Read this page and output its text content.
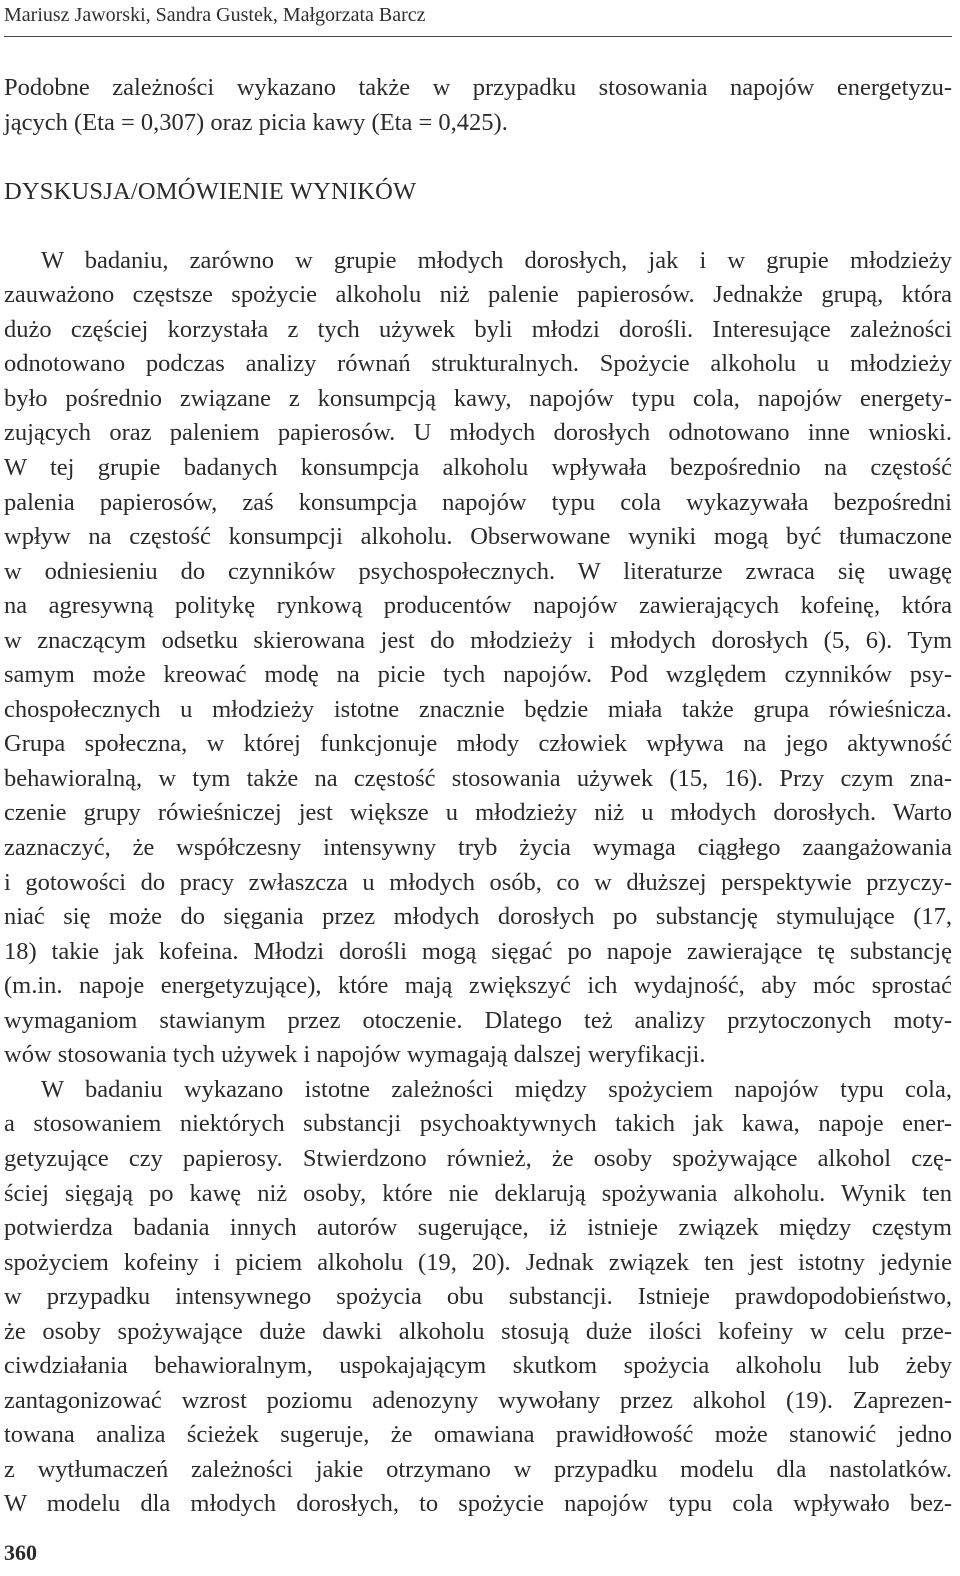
Mariusz Jaworski, Sandra Gustek, Małgorzata Barcz
Podobne zależności wykazano także w przypadku stosowania napojów energetyzu-
jących (Eta = 0,307) oraz picia kawy (Eta = 0,425).
DYSKUSJA/OMÓWIENIE WYNIKÓW
W badaniu, zarówno w grupie młodych dorosłych, jak i w grupie młodzieży
zauważono częstsze spożycie alkoholu niż palenie papierosów. Jednakże grupą, która
dużo częściej korzystała z tych używek byli młodzi dorośli. Interesujące zależności
odnotowano podczas analizy równań strukturalnych. Spożycie alkoholu u młodzieży
było pośrednio związane z konsumpcją kawy, napojów typu cola, napojów energety-
zujących oraz paleniem papierosów. U młodych dorosłych odnotowano inne wnioski.
W tej grupie badanych konsumpcja alkoholu wpływała bezpośrednio na częstość
palenia papierosów, zaś konsumpcja napojów typu cola wykazywała bezpośredni
wpływ na częstość konsumpcji alkoholu. Obserwowane wyniki mogą być tłumaczone
w odniesieniu do czynników psychospołecznych. W literaturze zwraca się uwagę
na agresywną politykę rynkową producentów napojów zawierających kofeinę, która
w znaczącym odsetku skierowana jest do młodzieży i młodych dorosłych (5, 6). Tym
samym może kreować modę na picie tych napojów. Pod względem czynników psy-
chospołecznych u młodzieży istotne znacznie będzie miała także grupa rówieśnicza.
Grupa społeczna, w której funkcjonuje młody człowiek wpływa na jego aktywność
behawioralną, w tym także na częstość stosowania używek (15, 16). Przy czym zna-
czenie grupy rówieśniczej jest większe u młodzieży niż u młodych dorosłych. Warto
zaznaczyć, że współczesny intensywny tryb życia wymaga ciągłego zaangażowania
i gotowości do pracy zwłaszcza u młodych osób, co w dłuższej perspektywie przyczy-
niać się może do sięgania przez młodych dorosłych po substancję stymulujące (17,
18) takie jak kofeina. Młodzi dorośli mogą sięgać po napoje zawierające tę substancję
(m.in. napoje energetyzujące), które mają zwiększyć ich wydajność, aby móc sprostać
wymaganiom stawianym przez otoczenie. Dlatego też analizy przytoczonych moty-
wów stosowania tych używek i napojów wymagają dalszej weryfikacji.
W badaniu wykazano istotne zależności między spożyciem napojów typu cola,
a stosowaniem niektórych substancji psychoaktywnych takich jak kawa, napoje ener-
getyzujące czy papierosy. Stwierdzono również, że osoby spożywające alkohol czę-
ściej sięgają po kawę niż osoby, które nie deklarują spożywania alkoholu. Wynik ten
potwierdza badania innych autorów sugerujące, iż istnieje związek między częstym
spożyciem kofeiny i piciem alkoholu (19, 20). Jednak związek ten jest istotny jedynie
w przypadku intensywnego spożycia obu substancji. Istnieje prawdopodobieństwo,
że osoby spożywające duże dawki alkoholu stosują duże ilości kofeiny w celu prze-
ciwdziałania behawioralnym, uspokajającym skutkom spożycia alkoholu lub żeby
zantagonizować wzrost poziomu adenozyny wywołany przez alkohol (19). Zaprezen-
towana analiza ścieżek sugeruje, że omawiana prawidłowość może stanowić jedno
z wytłumaczeń zależności jakie otrzymano w przypadku modelu dla nastolatków.
W modelu dla młodych dorosłych, to spożycie napojów typu cola wpływało bez-
360
